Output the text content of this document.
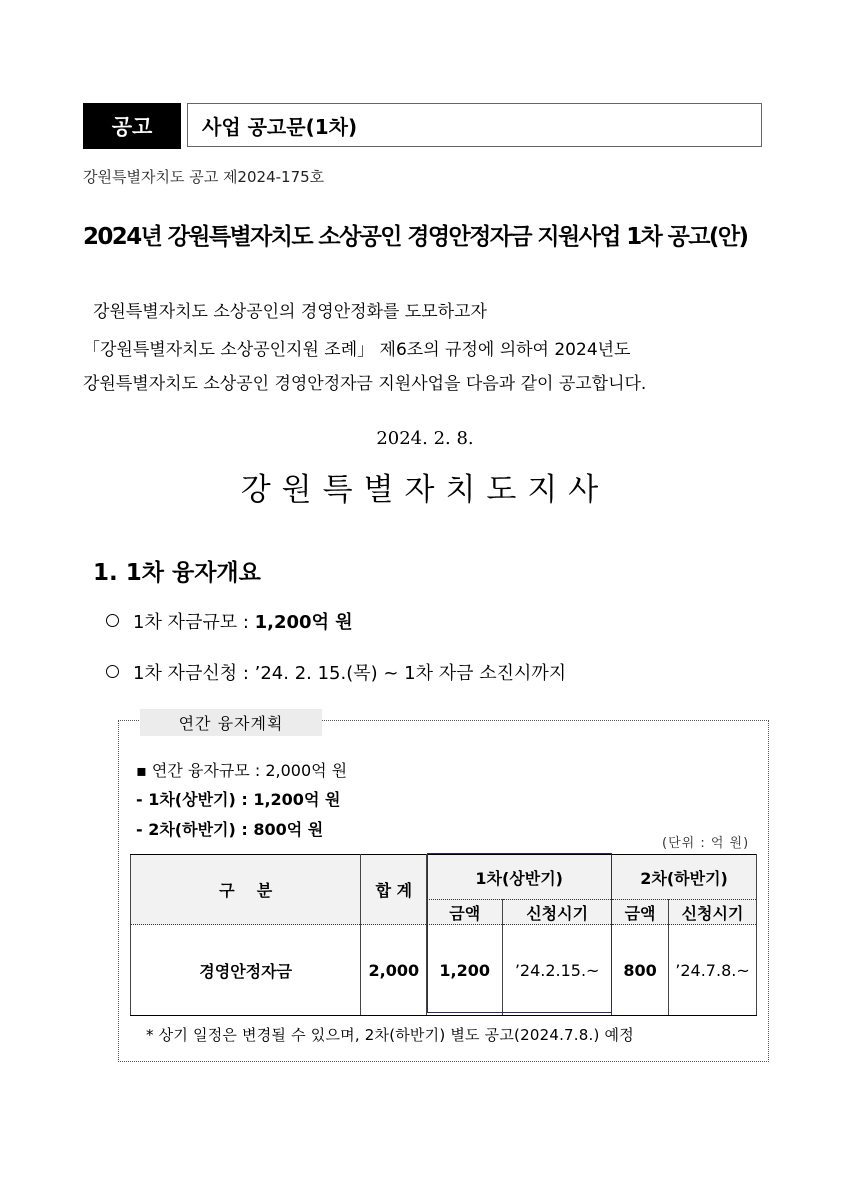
공고	사업 공고문(1차)
강원특별자치도 공고 제2024-175호
2024년 강원특별자치도 소상공인 경영안정자금 지원사업 1차 공고(안)
강원특별자치도 소상공인의 경영안정화를 도모하고자
「강원특별자치도 소상공인지원 조례」 제6조의 규정에 의하여 2024년도
강원특별자치도 소상공인 경영안정자금 지원사업을 다음과 같이 공고합니다.
2024. 2. 8.
강원특별자치도지사
1. 1차 융자개요
1차 자금규모 : 1,200억 원
1차 자금신청 : ’24. 2. 15.(목) ~ 1차 자금 소진시까지
연간 융자계획
▪ 연간 융자규모 : 2,000억 원
- 1차(상반기) : 1,200억 원
- 2차(하반기) : 800억 원
(단위 : 억 원)
구    분	합 계	1차(상반기)		2차(하반기)	
		금액	신청시기	금액	신청시기
경영안정자금	2,000	1,200	’24.2.15.~	800	’24.7.8.~
* 상기 일정은 변경될 수 있으며, 2차(하반기) 별도 공고(2024.7.8.) 예정
